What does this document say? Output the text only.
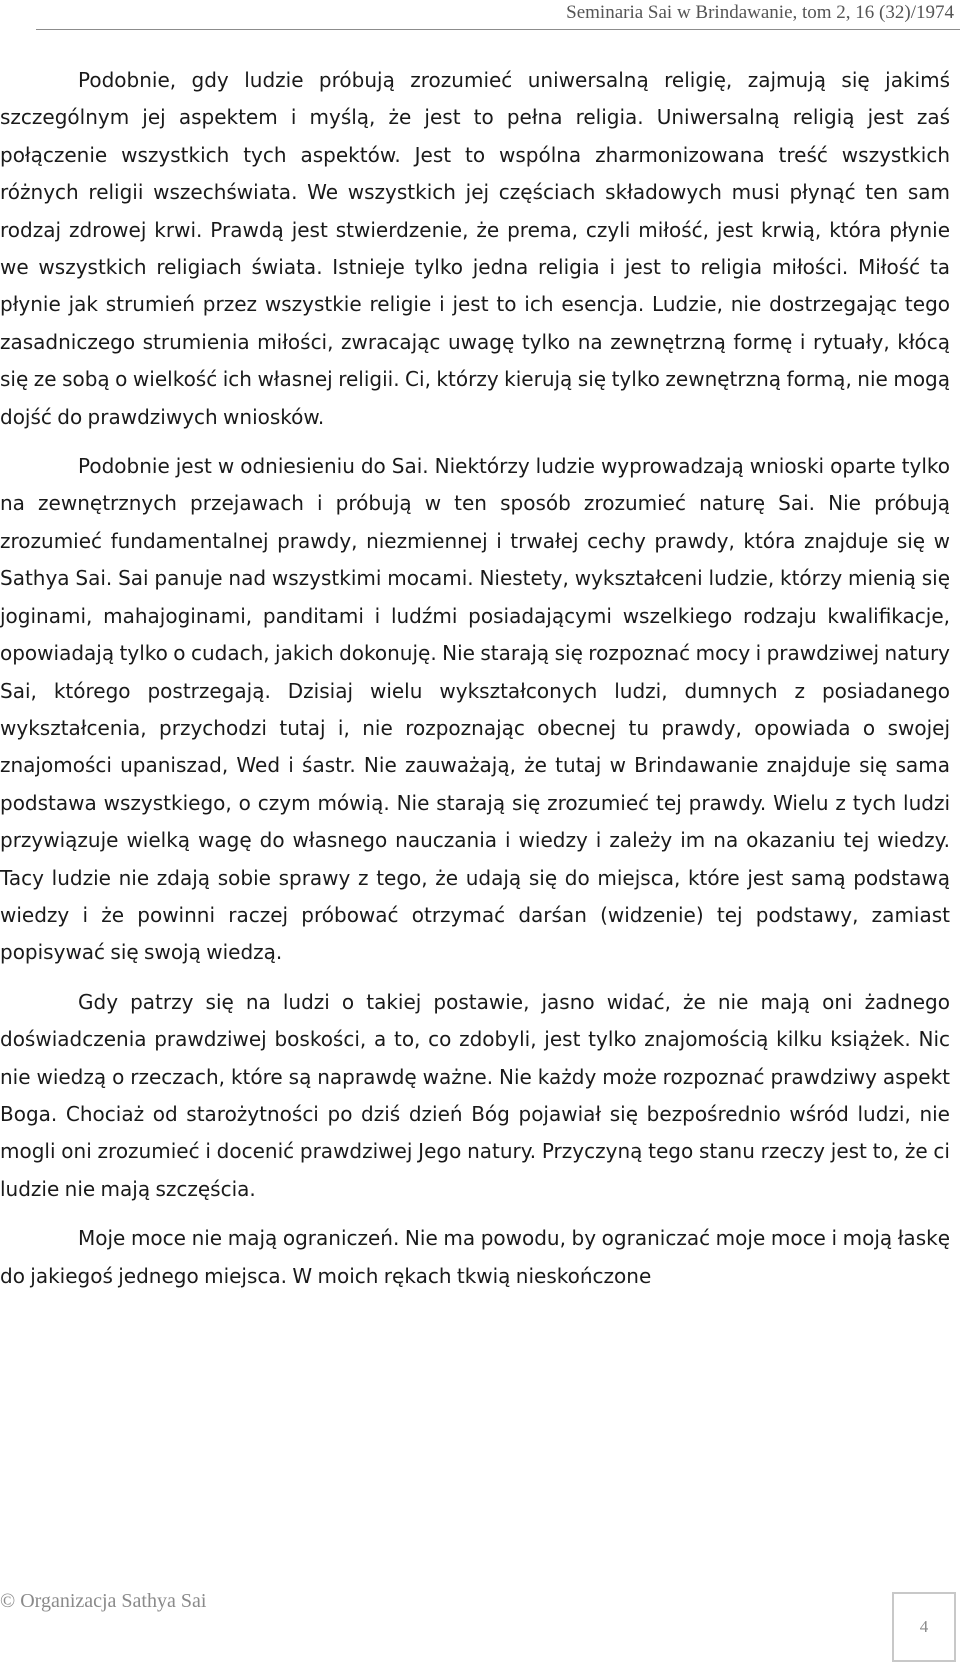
Seminaria Sai w Brindawanie, tom 2, 16 (32)/1974

Podobnie, gdy ludzie próbują zrozumieć uniwersalną religię, zajmują się jakimś szczególnym jej aspektem i myślą, że jest to pełna religia. Uniwersalną religią jest zaś połączenie wszystkich tych aspektów. Jest to wspólna zharmonizowana treść wszystkich różnych religii wszechświata. We wszystkich jej częściach składowych musi płynąć ten sam rodzaj zdrowej krwi. Prawdą jest stwierdzenie, że prema, czyli miłość, jest krwią, która płynie we wszystkich religiach świata. Istnieje tylko jedna religia i jest to religia miłości. Miłość ta płynie jak strumień przez wszystkie religie i jest to ich esencja. Ludzie, nie dostrzegając tego zasadniczego strumienia miłości, zwracając uwagę tylko na zewnętrzną formę i rytuały, kłócą się ze sobą o wielkość ich własnej religii. Ci, którzy kierują się tylko zewnętrzną formą, nie mogą dojść do prawdziwych wniosków.

Podobnie jest w odniesieniu do Sai. Niektórzy ludzie wyprowadzają wnioski oparte tylko na zewnętrznych przejawach i próbują w ten sposób zrozumieć naturę Sai. Nie próbują zrozumieć fundamentalnej prawdy, niezmiennej i trwałej cechy prawdy, która znajduje się w Sathya Sai. Sai panuje nad wszystkimi mocami. Niestety, wykształceni ludzie, którzy mienią się joginami, mahajoginami, panditami i ludźmi posiadającymi wszelkiego rodzaju kwalifikacje, opowiadają tylko o cudach, jakich dokonuję. Nie starają się rozpoznać mocy i prawdziwej natury Sai, którego postrzegają. Dzisiaj wielu wykształconych ludzi, dumnych z posiadanego wykształcenia, przychodzi tutaj i, nie rozpoznając obecnej tu prawdy, opowiada o swojej znajomości upaniszad, Wed i śastr. Nie zauważają, że tutaj w Brindawanie znajduje się sama podstawa wszystkiego, o czym mówią. Nie starają się zrozumieć tej prawdy. Wielu z tych ludzi przywiązuje wielką wagę do własnego nauczania i wiedzy i zależy im na okazaniu tej wiedzy. Tacy ludzie nie zdają sobie sprawy z tego, że udają się do miejsca, które jest samą podstawą wiedzy i że powinni raczej próbować otrzymać darśan (widzenie) tej podstawy, zamiast popisywać się swoją wiedzą.

Gdy patrzy się na ludzi o takiej postawie, jasno widać, że nie mają oni żadnego doświadczenia prawdziwej boskości, a to, co zdobyli, jest tylko znajomością kilku książek. Nic nie wiedzą o rzeczach, które są naprawdę ważne. Nie każdy może rozpoznać prawdziwy aspekt Boga. Chociaż od starożytności po dziś dzień Bóg pojawiał się bezpośrednio wśród ludzi, nie mogli oni zrozumieć i docenić prawdziwej Jego natury. Przyczyną tego stanu rzeczy jest to, że ci ludzie nie mają szczęścia.

Moje moce nie mają ograniczeń. Nie ma powodu, by ograniczać moje moce i moją łaskę do jakiegoś jednego miejsca. W moich rękach tkwią nieskończone

© Organizacja Sathya Sai
4
